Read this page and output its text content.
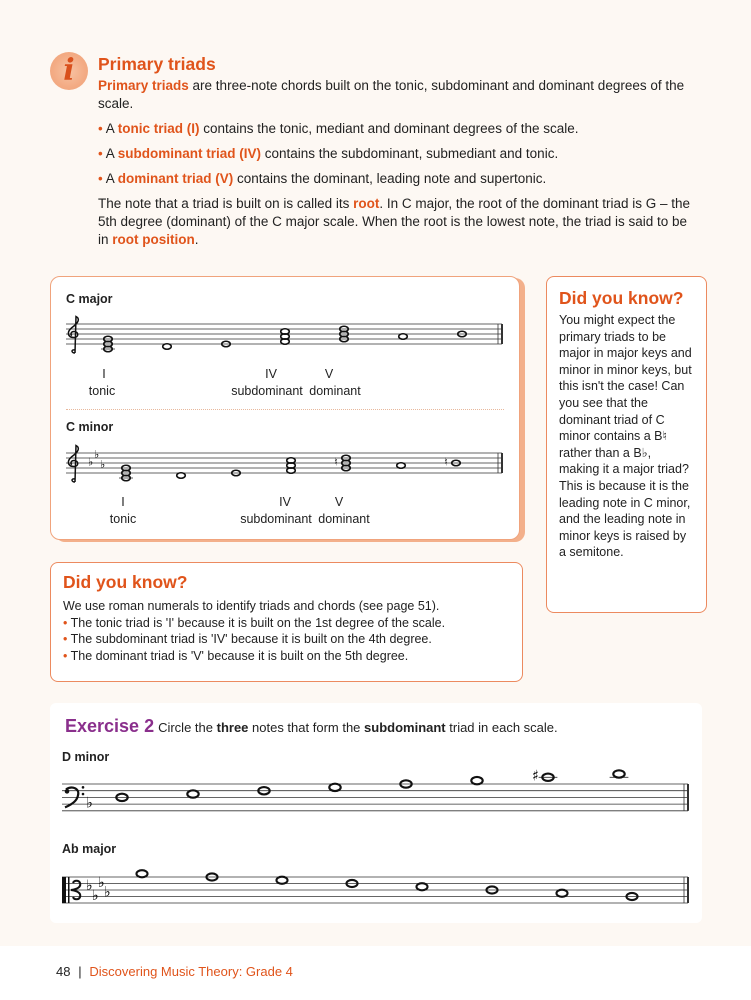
i	Primary triads

Primary triads are three-note chords built on the tonic, subdominant and dominant degrees of the scale.

• A tonic triad (I) contains the tonic, mediant and dominant degrees of the scale.

• A subdominant triad (IV) contains the subdominant, submediant and tonic.

• A dominant triad (V) contains the dominant, leading note and supertonic.

The note that a triad is built on is called its root. In C major, the root of the dominant triad is G – the 5th degree (dominant) of the C major scale. When the root is the lowest note, the triad is said to be in root position.

C major
I	IV	V
tonic	subdominant dominant
C minor
♭
♭
♭	♮	♮
I	IV	V
tonic	subdominant dominant
Did you know?

You might expect the primary triads to be major in major keys and minor in minor keys, but this isn't the case! Can you see that the dominant triad of C minor contains a B♮ rather than a B♭, making it a major triad? This is because it is the leading note in C minor, and the leading note in minor keys is raised by a semitone.

Did you know?

We use roman numerals to identify triads and chords (see page 51).

• The tonic triad is 'I' because it is built on the 1st degree of the scale.

• The subdominant triad is 'IV' because it is built on the 4th degree.

• The dominant triad is 'V' because it is built on the 5th degree.

Exercise 2 Circle the three notes that form the subdominant triad in each scale.
D minor
♭
♯
Ab major
♭
♭
♭
♭
48 | Discovering Music Theory: Grade 4
